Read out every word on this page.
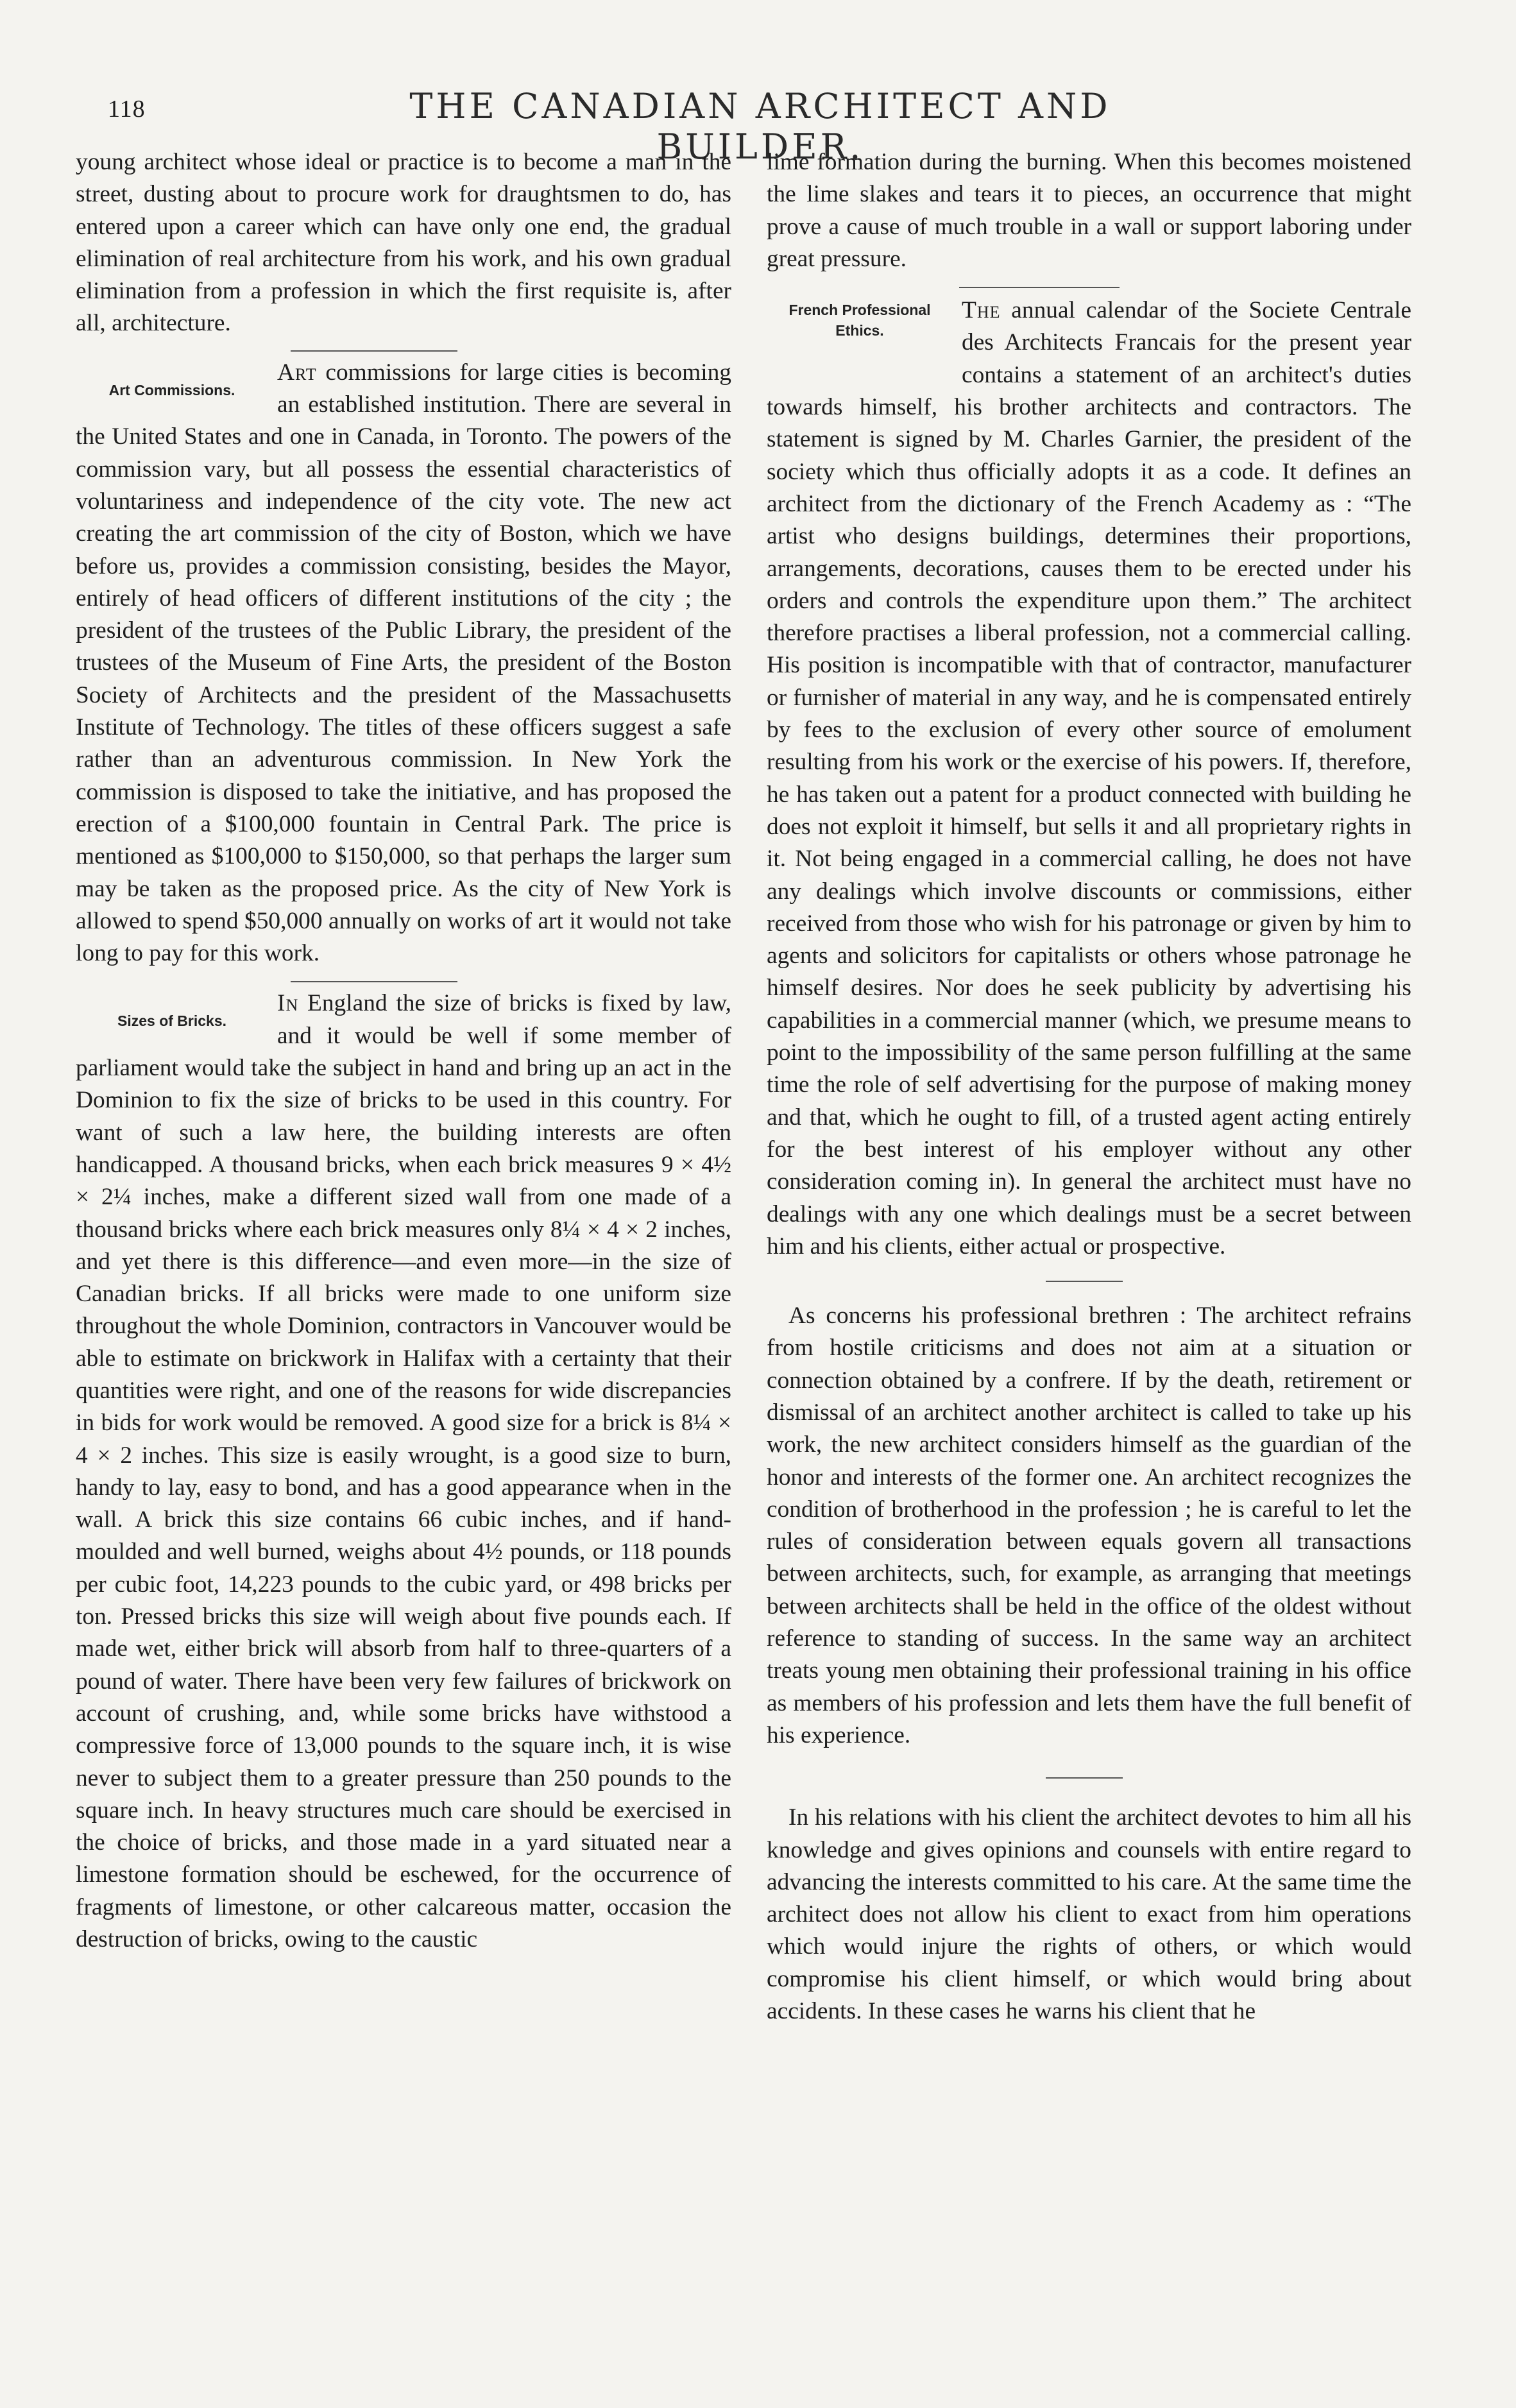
118	THE CANADIAN ARCHITECT AND BUILDER.

young architect whose ideal or practice is to become a man in the street, dusting about to procure work for draughtsmen to do, has entered upon a career which can have only one end, the gradual elimination of real architecture from his work, and his own gradual elimination from a profession in which the first requisite is, after all, architecture.

Art Commissions.

Art commissions for large cities is becoming an established institution. There are several in the United States and one in Canada, in Toronto. The powers of the commission vary, but all possess the essential characteristics of voluntariness and independence of the city vote. The new act creating the art commission of the city of Boston, which we have before us, provides a commission consisting, besides the Mayor, entirely of head officers of different institutions of the city ; the president of the trustees of the Public Library, the president of the trustees of the Museum of Fine Arts, the president of the Boston Society of Architects and the president of the Massachusetts Institute of Technology. The titles of these officers suggest a safe rather than an adventurous commission. In New York the commission is disposed to take the initiative, and has proposed the erection of a $100,000 fountain in Central Park. The price is mentioned as $100,000 to $150,000, so that perhaps the larger sum may be taken as the proposed price. As the city of New York is allowed to spend $50,000 annually on works of art it would not take long to pay for this work.

Sizes of Bricks.

In England the size of bricks is fixed by law, and it would be well if some member of parliament would take the subject in hand and bring up an act in the Dominion to fix the size of bricks to be used in this country. For want of such a law here, the building interests are often handicapped. A thousand bricks, when each brick measures 9 × 4½ × 2¼ inches, make a different sized wall from one made of a thousand bricks where each brick measures only 8¼ × 4 × 2 inches, and yet there is this difference—and even more—in the size of Canadian bricks. If all bricks were made to one uniform size throughout the whole Dominion, contractors in Vancouver would be able to estimate on brickwork in Halifax with a certainty that their quantities were right, and one of the reasons for wide discrepancies in bids for work would be removed. A good size for a brick is 8¼ × 4 × 2 inches. This size is easily wrought, is a good size to burn, handy to lay, easy to bond, and has a good appearance when in the wall. A brick this size contains 66 cubic inches, and if hand-moulded and well burned, weighs about 4½ pounds, or 118 pounds per cubic foot, 14,223 pounds to the cubic yard, or 498 bricks per ton. Pressed bricks this size will weigh about five pounds each. If made wet, either brick will absorb from half to three-quarters of a pound of water. There have been very few failures of brickwork on account of crushing, and, while some bricks have withstood a compressive force of 13,000 pounds to the square inch, it is wise never to subject them to a greater pressure than 250 pounds to the square inch. In heavy structures much care should be exercised in the choice of bricks, and those made in a yard situated near a limestone formation should be eschewed, for the occurrence of fragments of limestone, or other calcareous matter, occasion the destruction of bricks, owing to the caustic

lime formation during the burning. When this becomes moistened the lime slakes and tears it to pieces, an occurrence that might prove a cause of much trouble in a wall or support laboring under great pressure.

French Professional Ethics.

The annual calendar of the Societe Centrale des Architects Francais for the present year contains a statement of an architect's duties towards himself, his brother architects and contractors. The statement is signed by M. Charles Garnier, the president of the society which thus officially adopts it as a code. It defines an architect from the dictionary of the French Academy as : “The artist who designs buildings, determines their proportions, arrangements, decorations, causes them to be erected under his orders and controls the expenditure upon them.” The architect therefore practises a liberal profession, not a commercial calling. His position is incompatible with that of contractor, manufacturer or furnisher of material in any way, and he is compensated entirely by fees to the exclusion of every other source of emolument resulting from his work or the exercise of his powers. If, therefore, he has taken out a patent for a product connected with building he does not exploit it himself, but sells it and all proprietary rights in it. Not being engaged in a commercial calling, he does not have any dealings which involve discounts or commissions, either received from those who wish for his patronage or given by him to agents and solicitors for capitalists or others whose patronage he himself desires. Nor does he seek publicity by advertising his capabilities in a commercial manner (which, we presume means to point to the impossibility of the same person fulfilling at the same time the role of self advertising for the purpose of making money and that, which he ought to fill, of a trusted agent acting entirely for the best interest of his employer without any other consideration coming in). In general the architect must have no dealings with any one which dealings must be a secret between him and his clients, either actual or prospective.

As concerns his professional brethren : The architect refrains from hostile criticisms and does not aim at a situation or connection obtained by a confrere. If by the death, retirement or dismissal of an architect another architect is called to take up his work, the new architect considers himself as the guardian of the honor and interests of the former one. An architect recognizes the condition of brotherhood in the profession ; he is careful to let the rules of consideration between equals govern all transactions between architects, such, for example, as arranging that meetings between architects shall be held in the office of the oldest without reference to standing of success. In the same way an architect treats young men obtaining their professional training in his office as members of his profession and lets them have the full benefit of his experience.

In his relations with his client the architect devotes to him all his knowledge and gives opinions and counsels with entire regard to advancing the interests committed to his care. At the same time the architect does not allow his client to exact from him operations which would injure the rights of others, or which would compromise his client himself, or which would bring about accidents. In these cases he warns his client that he
